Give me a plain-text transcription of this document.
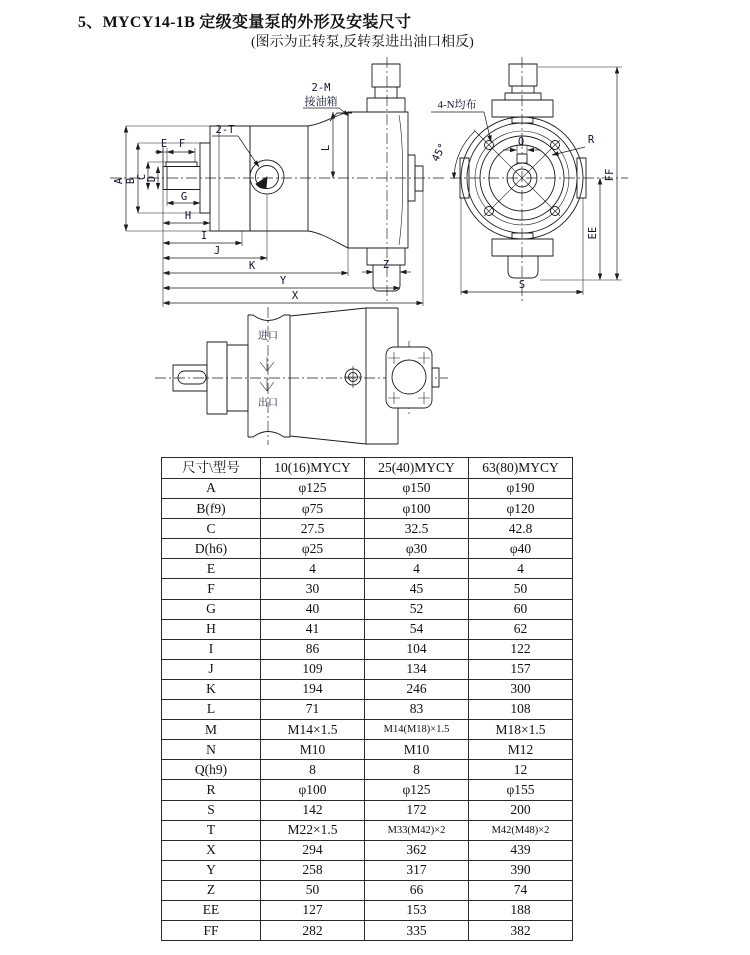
5、MYCY14-1B 定级变量泵的外形及安装尺寸
(图示为正转泵,反转泵进出油口相反)
A B
C
D
E F
G
H
I
J
K
Y
X
L
Z
2-T
2-M
接油箱
45°
4-N均布
Q	R
EE
FF
S
进口
出口
尺寸\型号	10(16)MYCY	25(40)MYCY	63(80)MYCY
A	φ125	φ150	φ190
B(f9)	φ75	φ100	φ120
C	27.5	32.5	42.8
D(h6)	φ25	φ30	φ40
E	4	4	4
F	30	45	50
G	40	52	60
H	41	54	62
I	86	104	122
J	109	134	157
K	194	246	300
L	71	83	108
M	M14×1.5	M14(M18)×1.5	M18×1.5
N	M10	M10	M12
Q(h9)	8	8	12
R	φ100	φ125	φ155
S	142	172	200
T	M22×1.5	M33(M42)×2	M42(M48)×2
X	294	362	439
Y	258	317	390
Z	50	66	74
EE	127	153	188
FF	282	335	382
